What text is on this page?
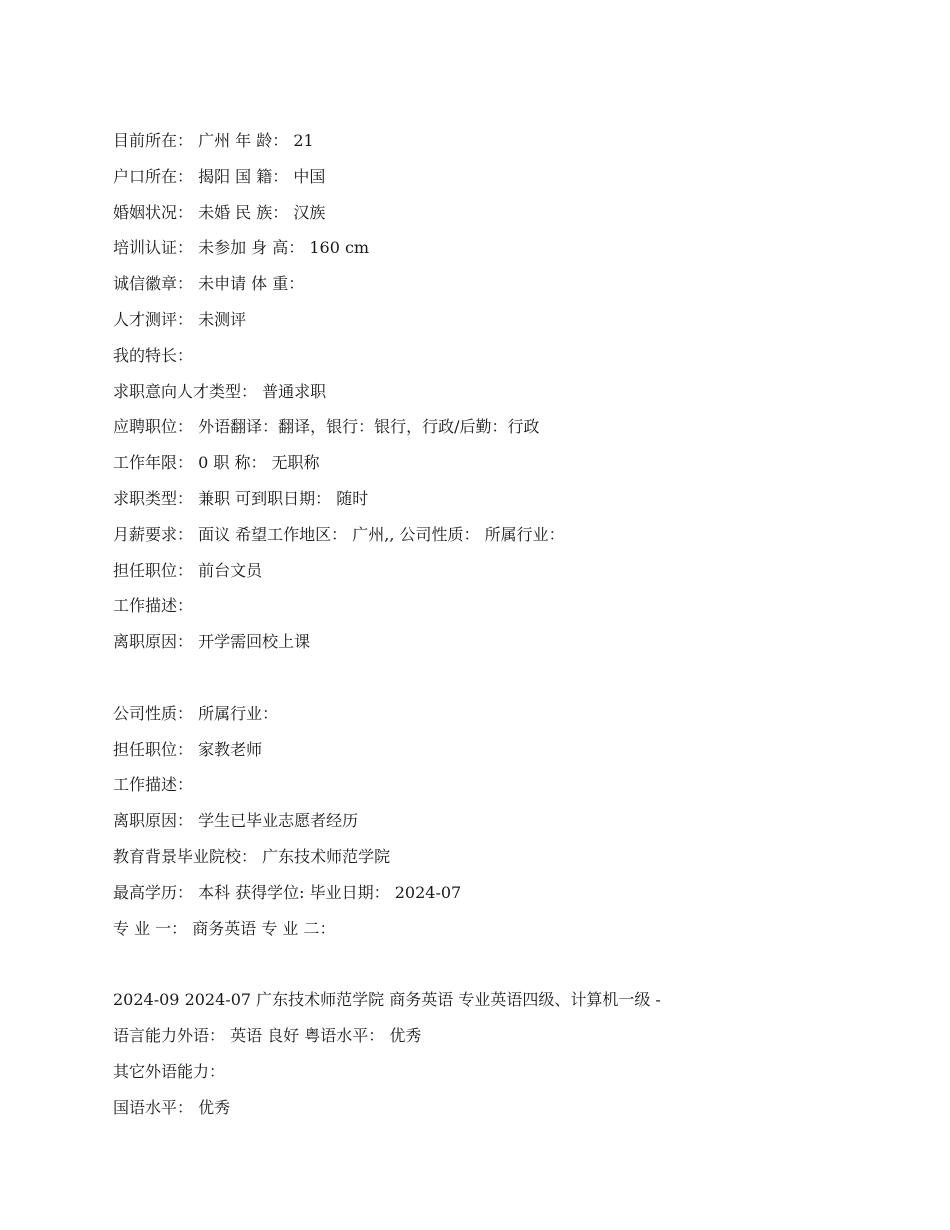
目前所在： 广州 年 龄： 21
户口所在： 揭阳 国 籍： 中国
婚姻状况： 未婚 民 族： 汉族
培训认证： 未参加 身 高： 160 cm
诚信徽章： 未申请 体 重：
人才测评： 未测评
我的特长：
求职意向人才类型： 普通求职
应聘职位： 外语翻译：翻译，银行：银行，行政/后勤：行政
工作年限： 0 职 称： 无职称
求职类型： 兼职 可到职日期： 随时
月薪要求： 面议 希望工作地区： 广州,, 公司性质： 所属行业：
担任职位： 前台文员
工作描述：
离职原因： 开学需回校上课
公司性质： 所属行业：
担任职位： 家教老师
工作描述：
离职原因： 学生已毕业志愿者经历
教育背景毕业院校： 广东技术师范学院
最高学历： 本科 获得学位: 毕业日期： 2024-07
专 业 一： 商务英语 专 业 二：
2024-09 2024-07 广东技术师范学院 商务英语 专业英语四级、计算机一级 -
语言能力外语： 英语 良好 粤语水平： 优秀
其它外语能力：
国语水平： 优秀
